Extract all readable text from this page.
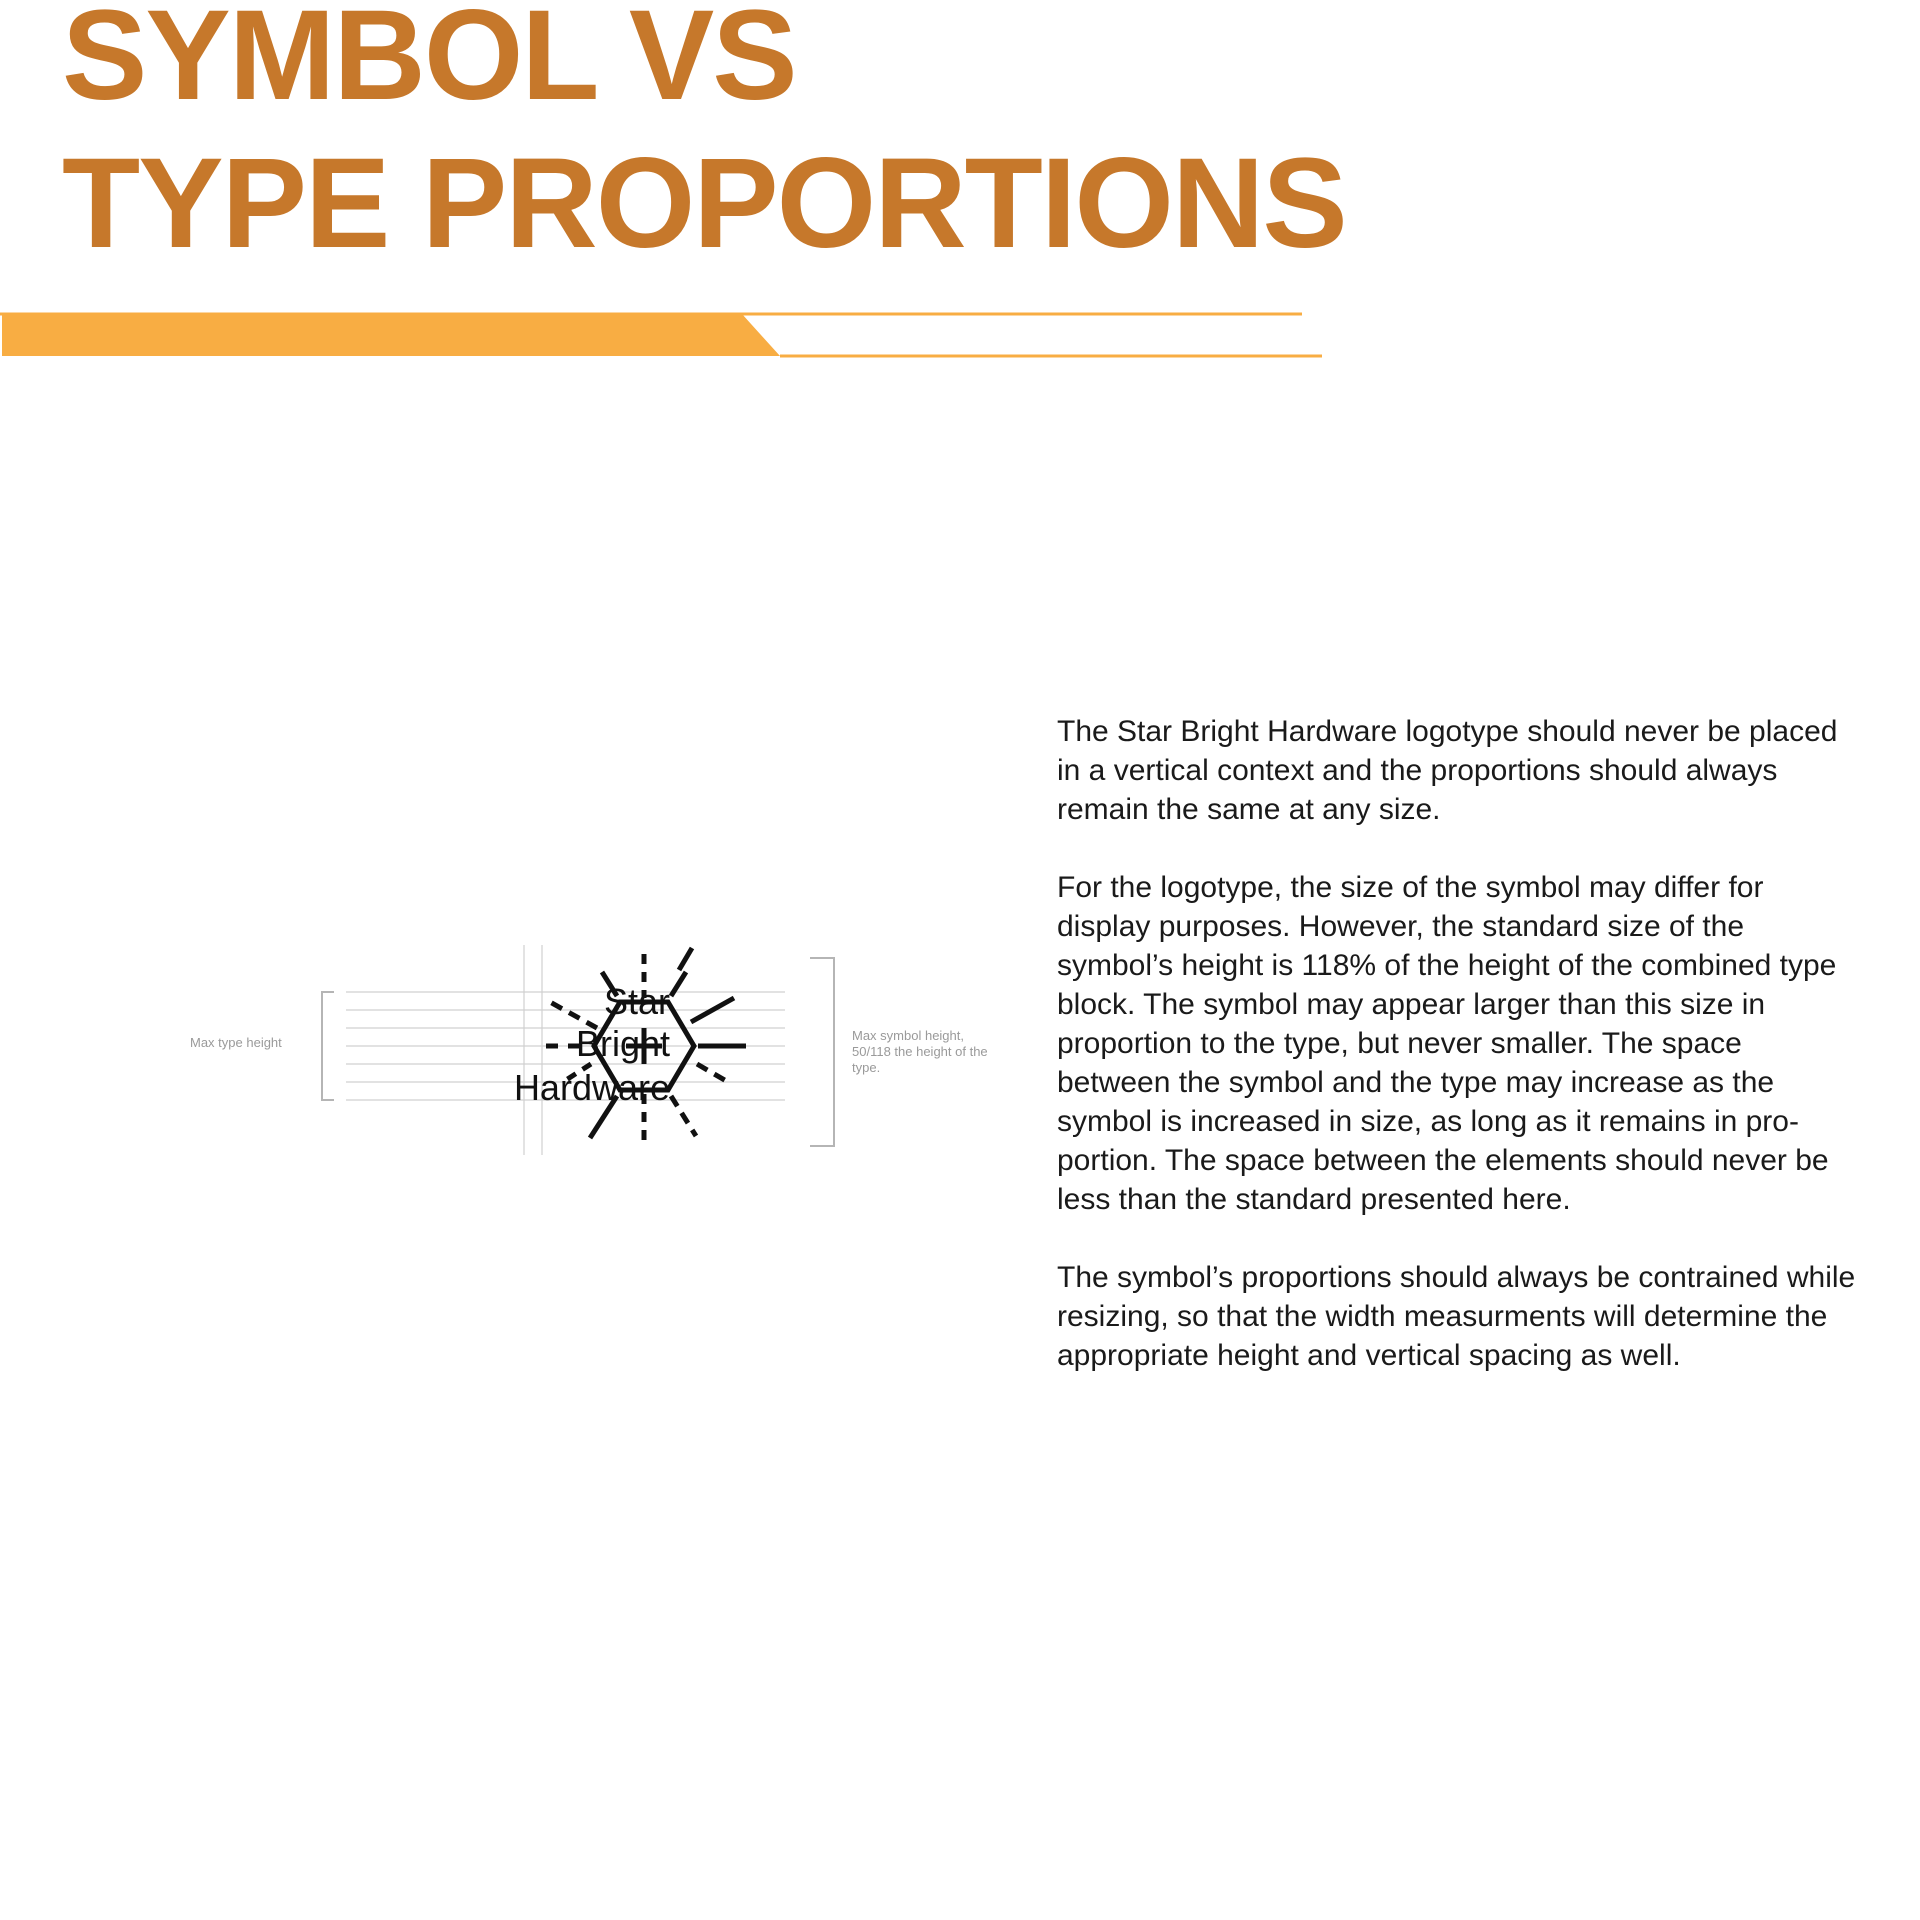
SYMBOL VS
TYPE PROPORTIONS
Star
Bright
Hardware
Max type height	Max symbol height, 50/118 the height of the type.

The Star Bright Hardware logotype should never be placed in a vertical context and the proportions should always remain the same at any size.

For the logotype, the size of the symbol may differ for display purposes. However, the standard size of the symbol’s height is 118% of the height of the combined type block. The symbol may appear larger than this size in proportion to the type, but never smaller. The space between the symbol and the type may increase as the symbol is increased in size, as long as it remains in pro-portion. The space between the elements should never be less than the standard presented here.

The symbol’s proportions should always be contrained while resizing, so that the width measurments will determine the appropriate height and vertical spacing as well.
